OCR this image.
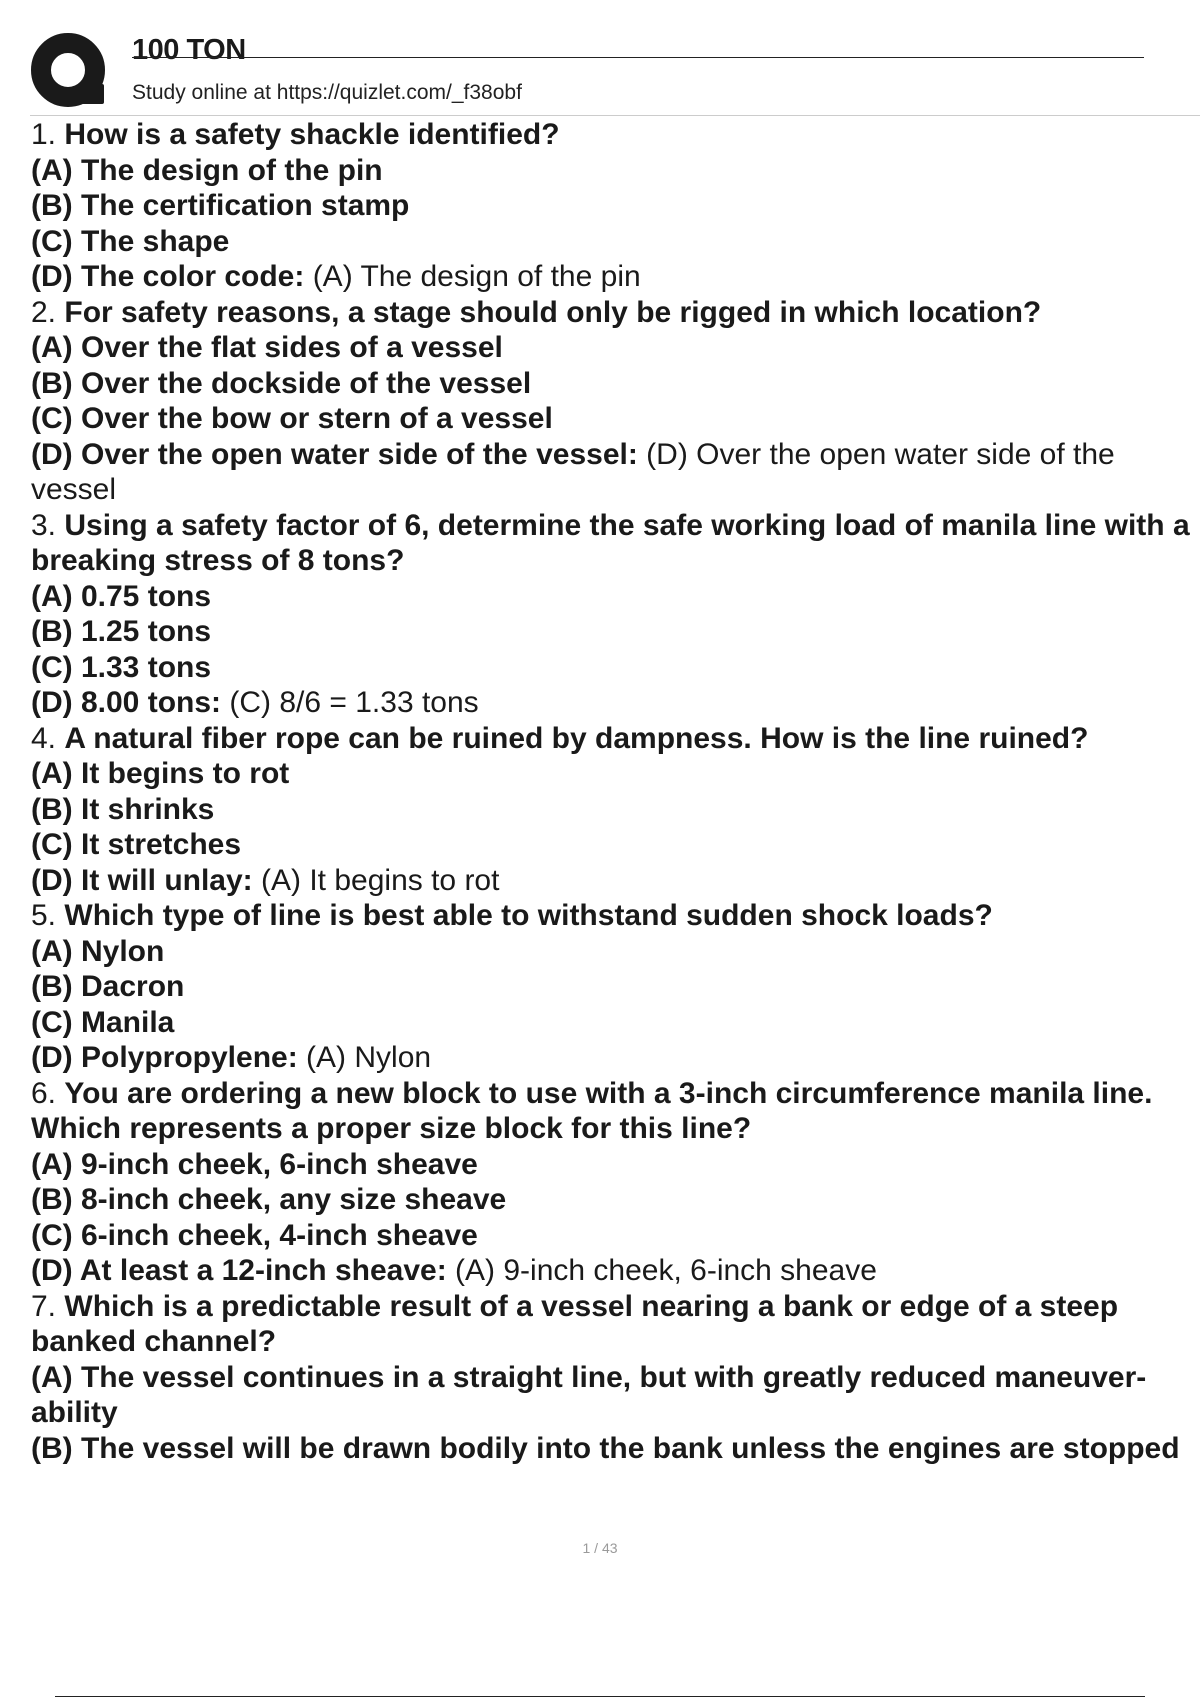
100 TON
Study online at https://quizlet.com/_f38obf

1. How is a safety shackle identified?

(A) The design of the pin

(B) The certification stamp

(C) The shape

(D) The color code: (A) The design of the pin

2. For safety reasons, a stage should only be rigged in which location?

(A) Over the flat sides of a vessel

(B) Over the dockside of the vessel

(C) Over the bow or stern of a vessel

(D) Over the open water side of the vessel: (D) Over the open water side of the vessel

3. Using a safety factor of 6, determine the safe working load of manila line with a breaking stress of 8 tons?

(A) 0.75 tons

(B) 1.25 tons

(C) 1.33 tons

(D) 8.00 tons: (C) 8/6 = 1.33 tons

4. A natural fiber rope can be ruined by dampness. How is the line ruined?

(A) It begins to rot

(B) It shrinks

(C) It stretches

(D) It will unlay: (A) It begins to rot

5. Which type of line is best able to withstand sudden shock loads?

(A) Nylon

(B) Dacron

(C) Manila

(D) Polypropylene: (A) Nylon

6. You are ordering a new block to use with a 3-inch circumference manila line.

Which represents a proper size block for this line?

(A) 9-inch cheek, 6-inch sheave

(B) 8-inch cheek, any size sheave

(C) 6-inch cheek, 4-inch sheave

(D) At least a 12-inch sheave: (A) 9-inch cheek, 6-inch sheave

7. Which is a predictable result of a vessel nearing a bank or edge of a steep banked channel?

(A) The vessel continues in a straight line, but with greatly reduced maneuver-ability

(B) The vessel will be drawn bodily into the bank unless the engines are stopped

1 / 43
